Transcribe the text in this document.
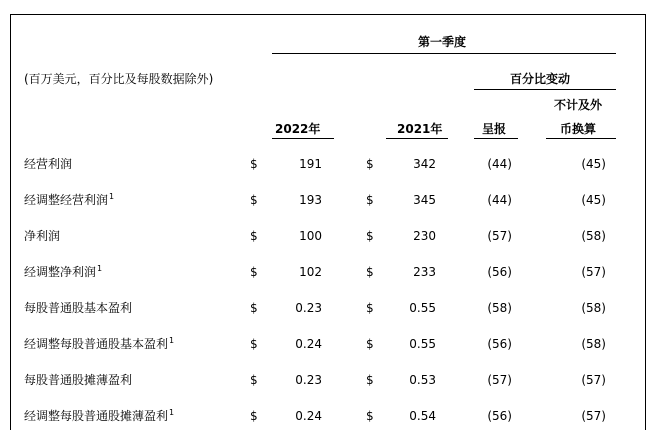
第一季度
(百万美元，百分比及每股数据除外)	百分比变动
不计及外
2022年	2021年	呈报	币换算
经营利润	$	191	$	342	(44)	(45)
经调整经营利润$^1$	$	193	$	345	(44)	(45)
净利润	$	100	$	230	(57)	(58)
经调整净利润$^1$	$	102	$	233	(56)	(57)
每股普通股基本盈利	$	0.23	$	0.55	(58)	(58)
经调整每股普通股基本盈利$^1$	$	0.24	$	0.55	(56)	(58)
每股普通股摊薄盈利	$	0.23	$	0.53	(57)	(57)
经调整每股普通股摊薄盈利$^1$	$	0.24	$	0.54	(56)	(57)
